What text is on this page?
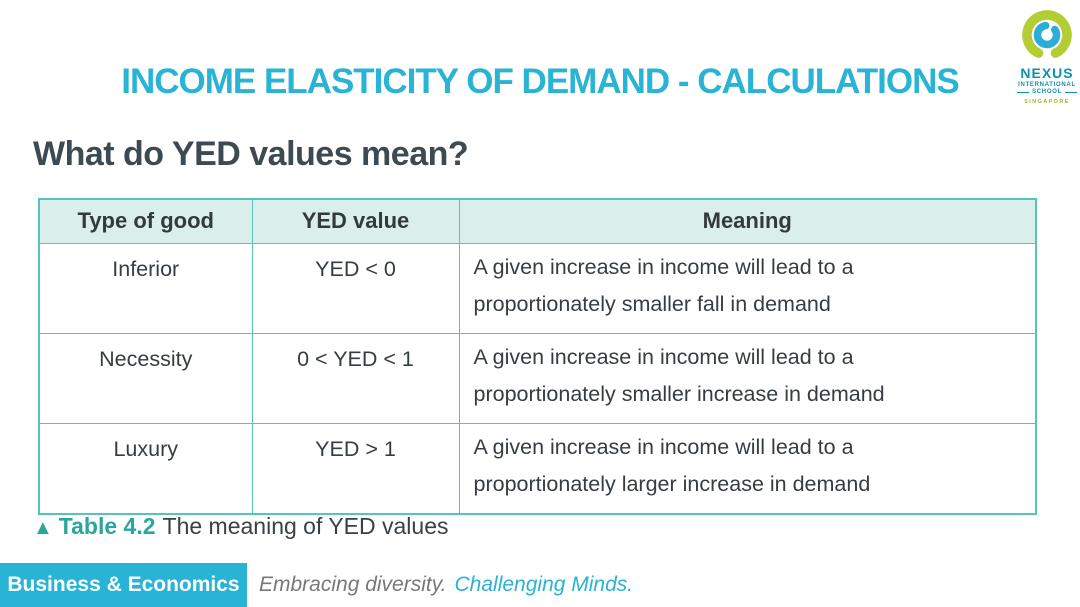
INCOME ELASTICITY OF DEMAND - CALCULATIONS	NEXUS
INTERNATIONAL
SCHOOL
SINGAPORE
What do YED values mean?
Type of good	YED value	Meaning
Inferior	YED < 0	A given increase in income will lead to a proportionately smaller fall in demand

Necessity	0 < YED < 1	A given increase in income will lead to a proportionately smaller increase in demand

Luxury	YED > 1	A given increase in income will lead to a proportionately larger increase in demand
▲ Table 4.2 The meaning of YED values
Business & Economics Embracing diversity. Challenging Minds.
